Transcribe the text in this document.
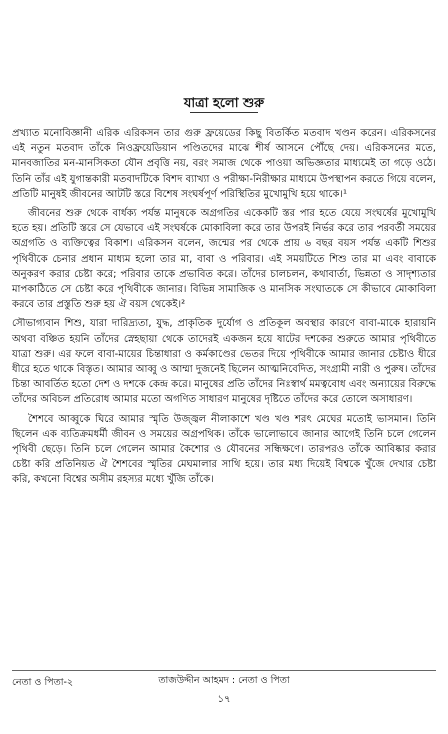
যাত্রা হলো শুরু

প্রখ্যাত মনোবিজ্ঞানী এরিক এরিকসন তার গুরু ফ্রয়েডের কিছু বিতর্কিত মতবাদ খণ্ডন করেন। এরিকসনের এই নতুন মতবাদ তাঁকে নিওফ্রয়েডিয়ান পণ্ডিতদের মাঝে শীর্ষ আসনে পৌঁছে দেয়। এরিকসনের মতে, মানবজাতির মন-মানসিকতা যৌন প্রবৃত্তি নয়, বরং সমাজ থেকে পাওয়া অভিজ্ঞতার মাধ্যমেই তা গড়ে ওঠে। তিনি তাঁর এই যুগান্তকারী মতবাদটিকে বিশদ ব্যাখ্যা ও পরীক্ষা-নিরীক্ষার মাধ্যমে উপস্থাপন করতে গিয়ে বলেন, প্রতিটি মানুষই জীবনের আটটি স্তরে বিশেষ সংঘর্ষপূর্ণ পরিস্থিতির মুখোমুখি হয়ে থাকে।¹

জীবনের শুরু থেকে বার্ধক্য পর্যন্ত মানুষকে অগ্রগতির একেকটি স্তর পার হতে যেয়ে সংঘর্ষের মুখোমুখি হতে হয়। প্রতিটি স্তরে সে যেভাবে এই সংঘর্ষকে মোকাবিলা করে তার উপরই নির্ভর করে তার পরবর্তী সময়ের অগ্রগতি ও ব্যক্তিত্বের বিকাশ। এরিকসন বলেন, জন্মের পর থেকে প্রায় ৬ বছর বয়স পর্যন্ত একটি শিশুর পৃথিবীকে চেনার প্রধান মাধ্যম হলো তার মা, বাবা ও পরিবার। এই সময়টিতে শিশু তার মা এবং বাবাকে অনুকরণ করার চেষ্টা করে; পরিবার তাকে প্রভাবিত করে। তাঁদের চালচলন, কথাবার্তা, ভিন্নতা ও সাদৃশ্যতার মাপকাঠিতে সে চেষ্টা করে পৃথিবীকে জানার। বিভিন্ন সামাজিক ও মানসিক সংঘাতকে সে কীভাবে মোকাবিলা করবে তার প্রস্তুতি শুরু হয় ঐ বয়স থেকেই।²

সৌভাগ্যবান শিশু, যারা দারিদ্র্যতা, যুদ্ধ, প্রাকৃতিক দুর্যোগ ও প্রতিকূল অবস্থার কারণে বাবা-মাকে হারায়নি অথবা বঞ্চিত হয়নি তাঁদের স্নেহছায়া থেকে তাদেরই একজন হয়ে ষাটের দশকের শুরুতে আমার পৃথিবীতে যাত্রা শুরু। এর ফলে বাবা-মায়ের চিন্তাধারা ও কর্মকাণ্ডের ভেতর দিয়ে পৃথিবীকে আমার জানার চেষ্টাও ধীরে ধীরে হতে থাকে বিস্তৃত। আমার আব্বু ও আম্মা দুজনেই ছিলেন আত্মনিবেদিত, সংগ্রামী নারী ও পুরুষ। তাঁদের চিন্তা আবর্তিত হতো দেশ ও দশকে কেন্দ্র করে। মানুষের প্রতি তাঁদের নিঃস্বার্থ মমত্ববোধ এবং অন্যায়ের বিরুদ্ধে তাঁদের অবিচল প্রতিরোধ আমার মতো অগণিত সাধারণ মানুষের দৃষ্টিতে তাঁদের করে তোলে অসাধারণ।

শৈশবে আব্বুকে ঘিরে আমার স্মৃতি উজ্জ্বল নীলাকাশে খণ্ড খণ্ড শরৎ মেঘের মতোই ভাসমান। তিনি ছিলেন এক ব্যতিক্রমধর্মী জীবন ও সময়ের অগ্রপথিক। তাঁকে ভালোভাবে জানার আগেই তিনি চলে গেলেন পৃথিবী ছেড়ে। তিনি চলে গেলেন আমার কৈশোর ও যৌবনের সন্ধিক্ষণে। তারপরও তাঁকে আবিষ্কার করার চেষ্টা করি প্রতিনিয়ত ঐ শৈশবের স্মৃতির মেঘমালার সাথি হয়ে। তার মধ্য দিয়েই বিশ্বকে খুঁজে দেখার চেষ্টা করি, কখনো বিশ্বের অসীম রহস্যর মধ্যে খুঁজি তাঁকে।

নেতা ও পিতা-২	তাজউদ্দীন আহমদ : নেতা ও পিতা
১৭
